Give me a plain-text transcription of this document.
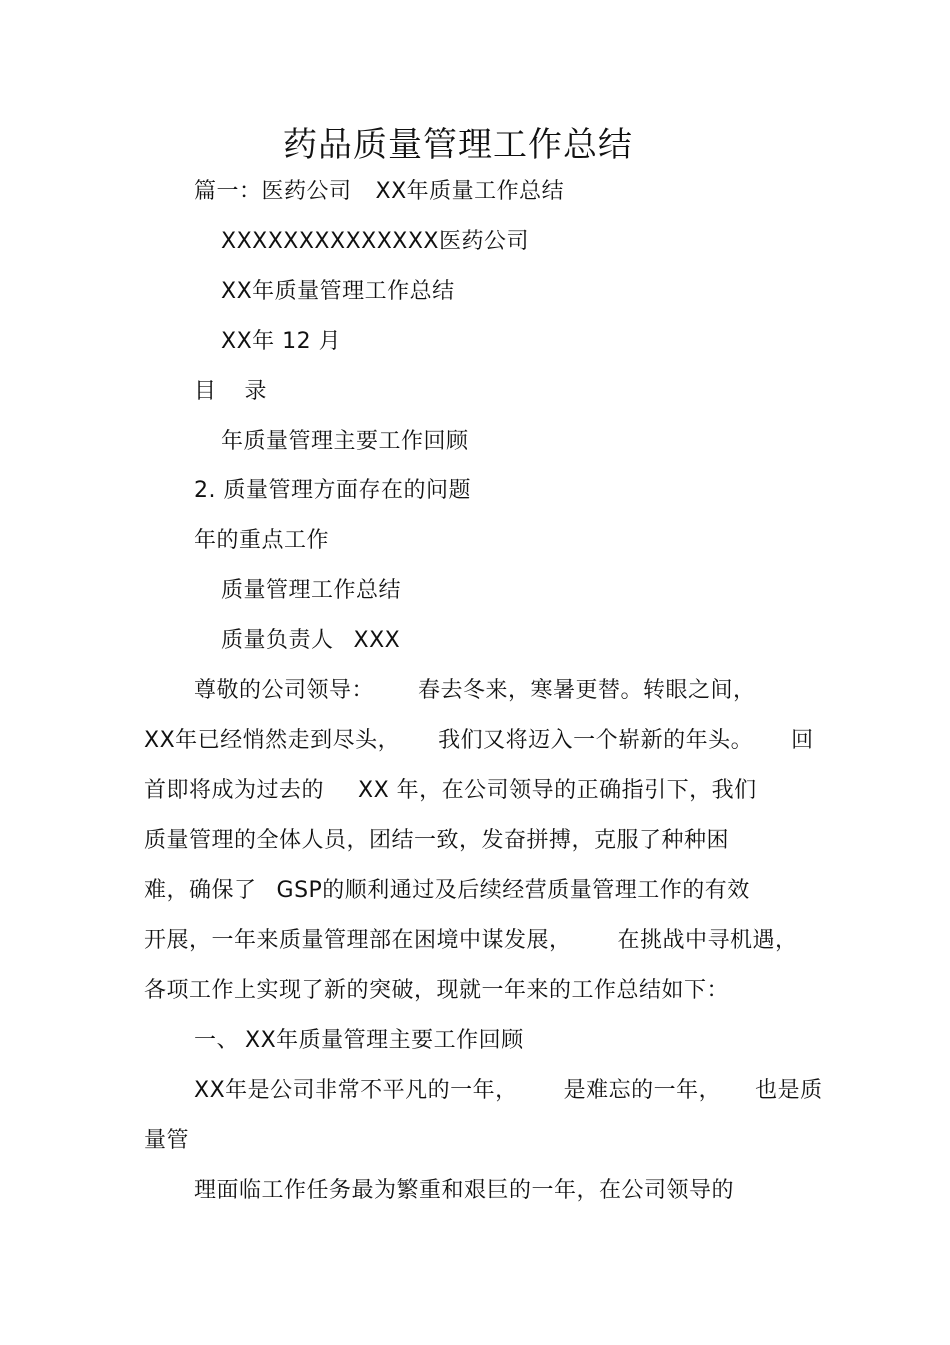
药品质量管理工作总结
篇一：医药公司 XX年质量工作总结
XXXXXXXXXXXXXX医药公司
XX年质量管理工作总结
XX年 12 月
目 录
年质量管理主要工作回顾
2. 质量管理方面存在的问题
年的重点工作
质量管理工作总结
质量负责人 XXX
尊敬的公司领导： 春去冬来，寒暑更替。转眼之间，
XX年已经悄然走到尽头， 我们又将迈入一个崭新的年头。 回
首即将成为过去的 XX 年，在公司领导的正确指引下，我们
质量管理的全体人员，团结一致，发奋拼搏，克服了种种困
难，确保了 GSP的顺利通过及后续经营质量管理工作的有效
开展，一年来质量管理部在困境中谋发展， 在挑战中寻机遇，
各项工作上实现了新的突破，现就一年来的工作总结如下：
一、 XX年质量管理主要工作回顾
XX年是公司非常不平凡的一年， 是难忘的一年， 也是质
量管
理面临工作任务最为繁重和艰巨的一年，在公司领导的
